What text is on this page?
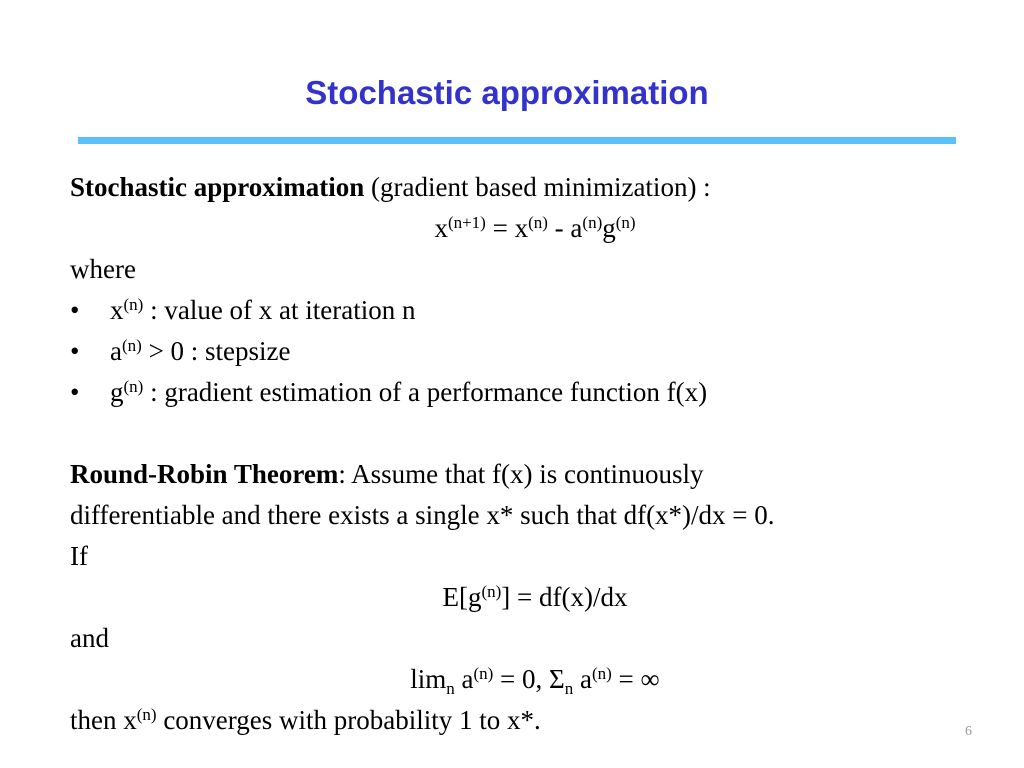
Stochastic approximation
Stochastic approximation (gradient based minimization) :
$x^{(n+1)} = x^{(n)} - a^{(n)}g^{(n)}$
where
• $x^{(n)}$ : value of x at iteration n
• $a^{(n)} > 0$ : stepsize
• $g^{(n)}$ : gradient estimation of a performance function f(x)
Round-Robin Theorem: Assume that f(x) is continuously
differentiable and there exists a single x* such that df(x*)/dx = 0.
If
$E[g^{(n)}] = df(x)/dx$
and
$\lim_n a^{(n)} = 0$, $\Sigma_n$ $a^{(n)}$ = ∞
then $x^{(n)}$ converges with probability 1 to x*.	6
